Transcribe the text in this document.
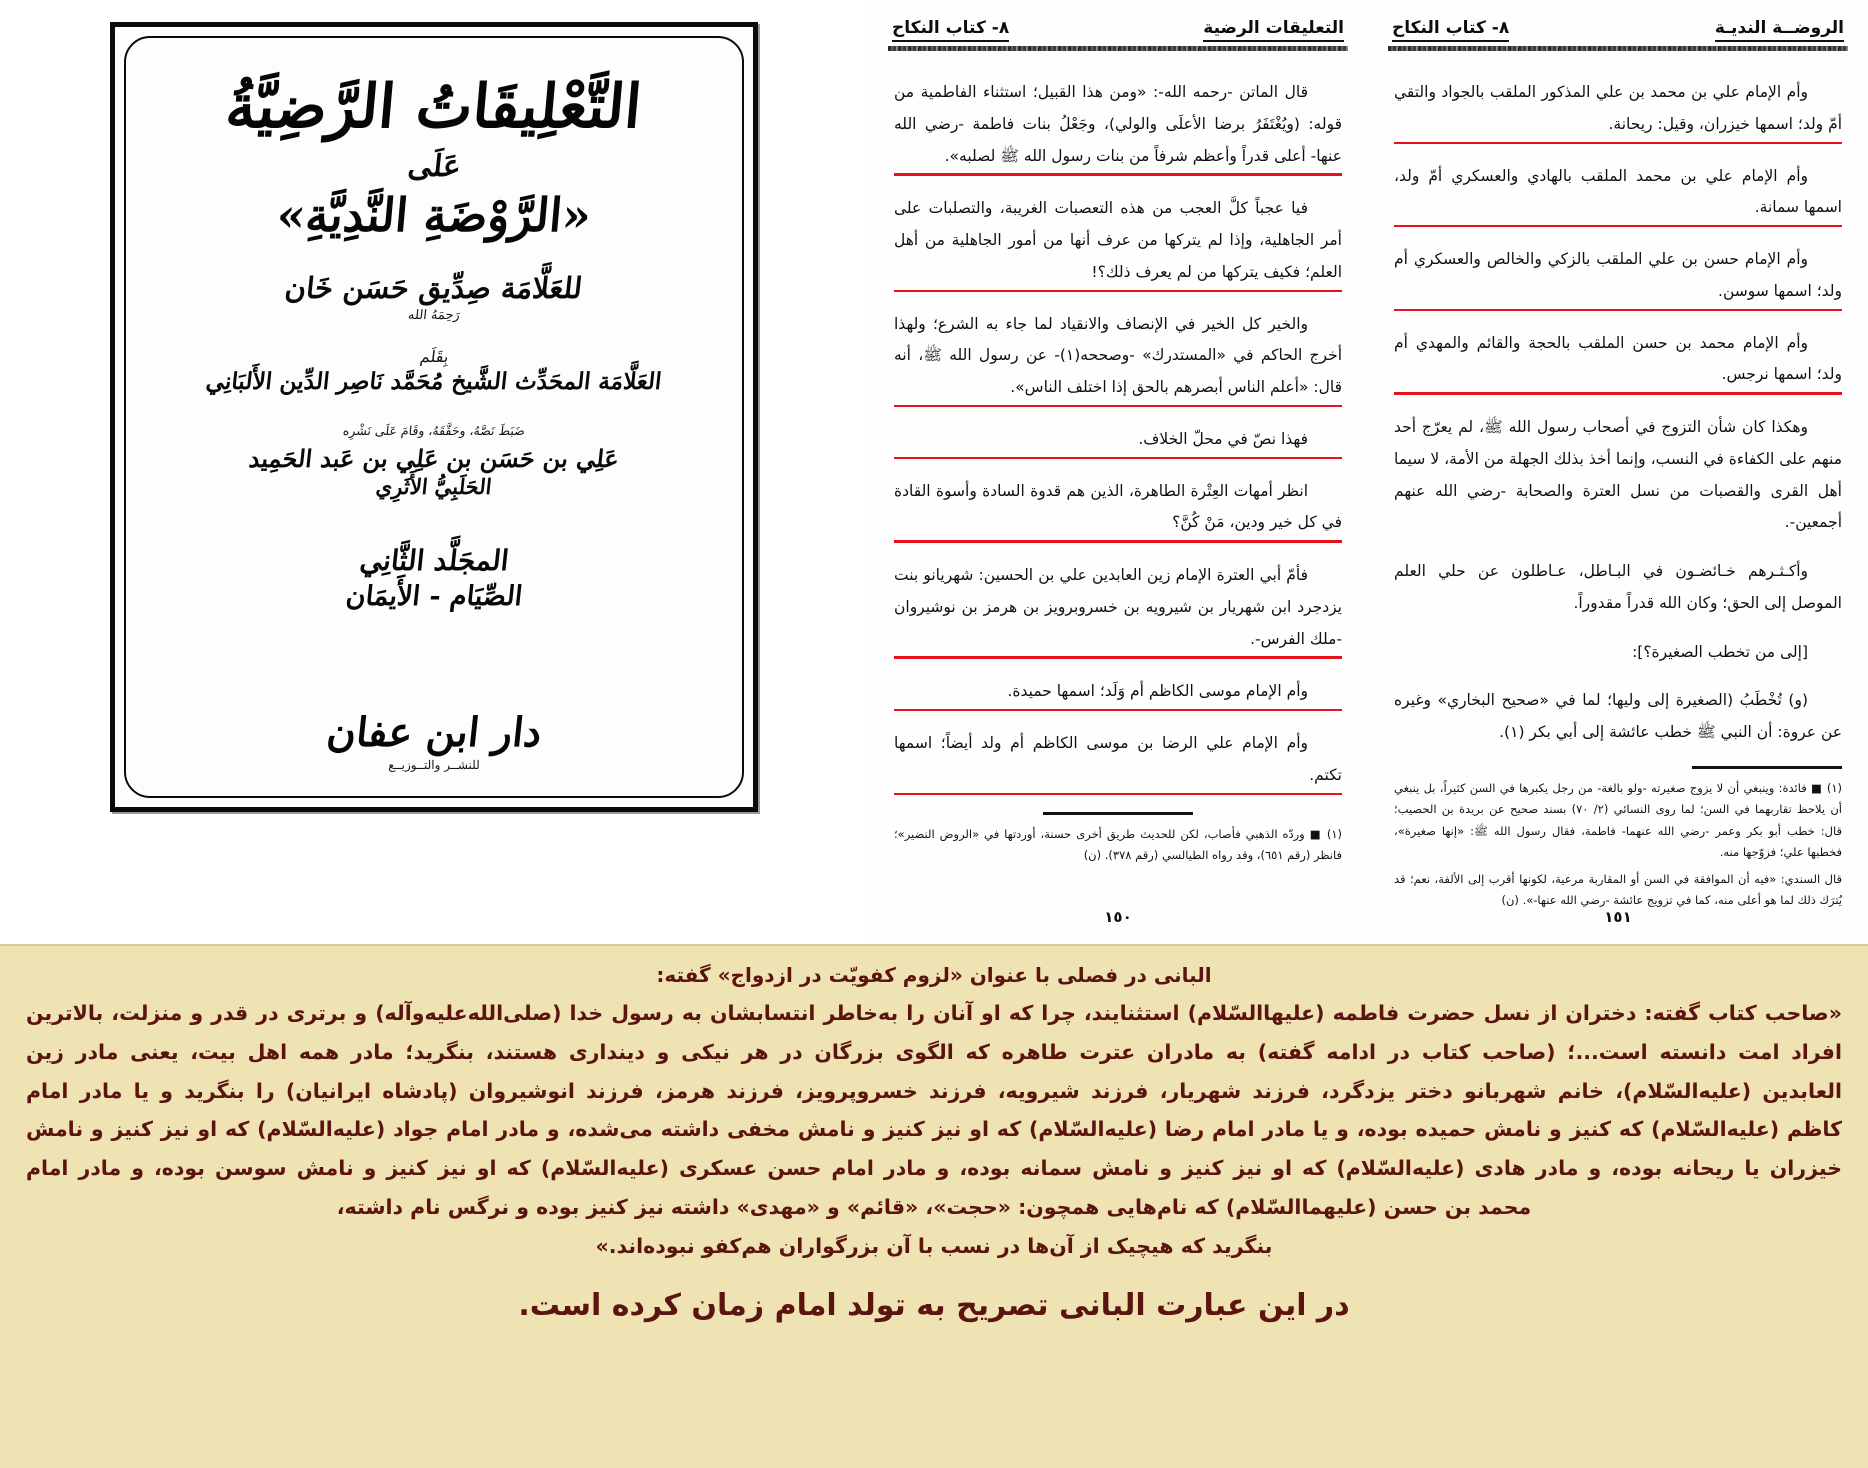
الروضــة النديـة
٨- كتاب النكاح

وأم الإمام علي بن محمد بن علي المذكور الملقب بالجواد والتقي أمّ ولد؛ اسمها خيزران، وقيل: ريحانة.

وأم الإمام علي بن محمد الملقب بالهادي والعسكري أمّ ولد، اسمها سمانة.

وأم الإمام حسن بن علي الملقب بالزكي والخالص والعسكري أم ولد؛ اسمها سوسن.

وأم الإمام محمد بن حسن الملقب بالحجة والقائم والمهدي أم ولد؛ اسمها نرجس.

وهكذا كان شأن التزوج في أصحاب رسول الله ﷺ، لم يعرّج أحد منهم على الكفاءة في النسب، وإنما أخذ بذلك الجهلة من الأمة، لا سيما أهل القرى والقصبات من نسل العترة والصحابة -رضي الله عنهم أجمعين-.

وأكـثـرهم خـائضـون في البـاطل، عـاطلون عن حلي العلم الموصل إلى الحق؛ وكان الله قدراً مقدوراً.

[إلى من تخطب الصغيرة؟]:

(و) تُخْطَبُ (الصغيرة إلى وليها؛ لما في «صحيح البخاري» وغيره عن عروة: أن النبي ﷺ خطب عائشة إلى أبي بكر (١).

(١) ■ فائدة: وينبغي أن لا يزوج صغيرته -ولو بالغة- من رجل يكبرها في السن كثيراً، بل ينبغي أن يلاحظ تقاربهما في السن؛ لما روى النسائي (٢/ ٧٠) بسند صحيح عن بريدة بن الحصيب؛ قال: خطب أبو بكر وعمر -رضي الله عنهما- فاطمة، فقال رسول الله ﷺ: «إنها صغيرة»، فخطبها علي؛ فزوّجها منه.

قال السندي: «فيه أن الموافقة في السن أو المقاربة مرعية، لكونها أقرب إلى الألفة، نعم؛ قد يُترَك ذلك لما هو أعلى منه، كما في تزويج عائشة -رضي الله عنها-». (ن)

١٥١
التعليقات الرضية
٨- كتاب النكاح

قال الماتن -رحمه الله-: «ومن هذا القبيل؛ استثناء الفاطمية من قوله: (ويُغْتَفَرُ برضا الأعلَى والولي)، وجَعْلُ بنات فاطمة -رضي الله عنها- أعلى قدراً وأعظم شرفاً من بنات رسول الله ﷺ لصلبه».

فيا عجباً كلَّ العجب من هذه التعصبات الغريبة، والتصلبات على أمر الجاهلية، وإذا لم يتركها من عرف أنها من أمور الجاهلية من أهل العلم؛ فكيف يتركها من لم يعرف ذلك؟!

والخير كل الخير في الإنصاف والانقياد لما جاء به الشرع؛ ولهذا أخرج الحاكم في «المستدرك» -وصححه(١)- عن رسول الله ﷺ، أنه قال: «أعلم الناس أبصرهم بالحق إذا اختلف الناس».

فهذا نصّ في محلّ الخلاف.

انظر أمهات العِتْرة الطاهرة، الذين هم قدوة السادة وأسوة القادة في كل خير ودين، مَنْ كُنَّ؟

فأمّ أبي العترة الإمام زين العابدين علي بن الحسين: شهريانو بنت يزدجرد ابن شهريار بن شيرويه بن خسروبرويز بن هرمز بن نوشيروان -ملك الفرس-.

وأم الإمام موسى الكاظم أم وَلَد؛ اسمها حميدة.

وأم الإمام علي الرضا بن موسى الكاظم أم ولد أيضاً؛ اسمها تكتم.

(١) ■ وردّه الذهبي فأصاب، لكن للحديث طريق أخرى حسنة، أوردتها في «الروض النضير»؛ فانظر (رقم ٦٥١)، وقد رواه الطيالسي (رقم ٣٧٨). (ن)

١٥٠
التَّعْلِيقَاتُ الرَّضِيَّةُ
عَلَى
«الرَّوْضَةِ النَّدِيَّةِ»
للعَلَّامَة صِدِّيق حَسَن خَان
رَحِمَهُ الله
بِقَلَم
العَلَّامَة المحَدِّث الشَّيخ مُحَمَّد نَاصِر الدِّين الأَلبَانِي
ضَبَطَ نَصَّهُ، وحَقَّقَهُ، وقَامَ عَلَى نَشْرِه
عَلِي بن حَسَن بن عَلِي بن عَبد الحَمِيد
الحَلَبِيُّ الأَثَرِي
المجَلَّد الثَّانِي
الصِّيَام - الأَيمَان
دار ابن عفان
للنشــر والتــوزيــع

البانی در فصلی با عنوان «لزوم کفویّت در ازدواج» گفته:

«صاحب کتاب گفته: دختران از نسل حضرت فاطمه (علیهاالسّلام) استثنایند، چرا که او آنان را به‌خاطر انتسابشان به رسول خدا (صلی‌الله‌علیه‌وآله) و برتری در قدر و منزلت، بالاترین

افراد امت دانسته است...؛ (صاحب کتاب در ادامه گفته) به مادران عترت طاهره که الگوی بزرگان در هر نیکی و دینداری هستند، بنگرید؛ مادر همه اهل بیت، یعنی مادر زین

العابدین (علیه‌السّلام)، خانم شهربانو دختر یزدگرد، فرزند شهریار، فرزند شیرویه، فرزند خسروپرویز، فرزند هرمز، فرزند انوشیروان (پادشاه ایرانیان) را بنگرید و یا مادر امام

کاظم (علیه‌السّلام) که کنیز و نامش حمیده بوده، و یا مادر امام رضا (علیه‌السّلام) که او نیز کنیز و نامش مخفی داشته می‌شده، و مادر امام جواد (علیه‌السّلام) که او نیز کنیز و نامش

خیزران یا ریحانه بوده، و مادر هادی (علیه‌السّلام) که او نیز کنیز و نامش سمانه بوده، و مادر امام حسن عسکری (علیه‌السّلام) که او نیز کنیز و نامش سوسن بوده، و مادر امام

محمد بن حسن (علیهماالسّلام) که نام‌هایی همچون: «حجت»، «قائم» و «مهدی» داشته نیز کنیز بوده و نرگس نام داشته،

بنگرید که هیچیک از آن‌ها در نسب با آن بزرگواران هم‌کفو نبوده‌اند.»

در این عبارت البانی تصریح به تولد امام زمان کرده است.
